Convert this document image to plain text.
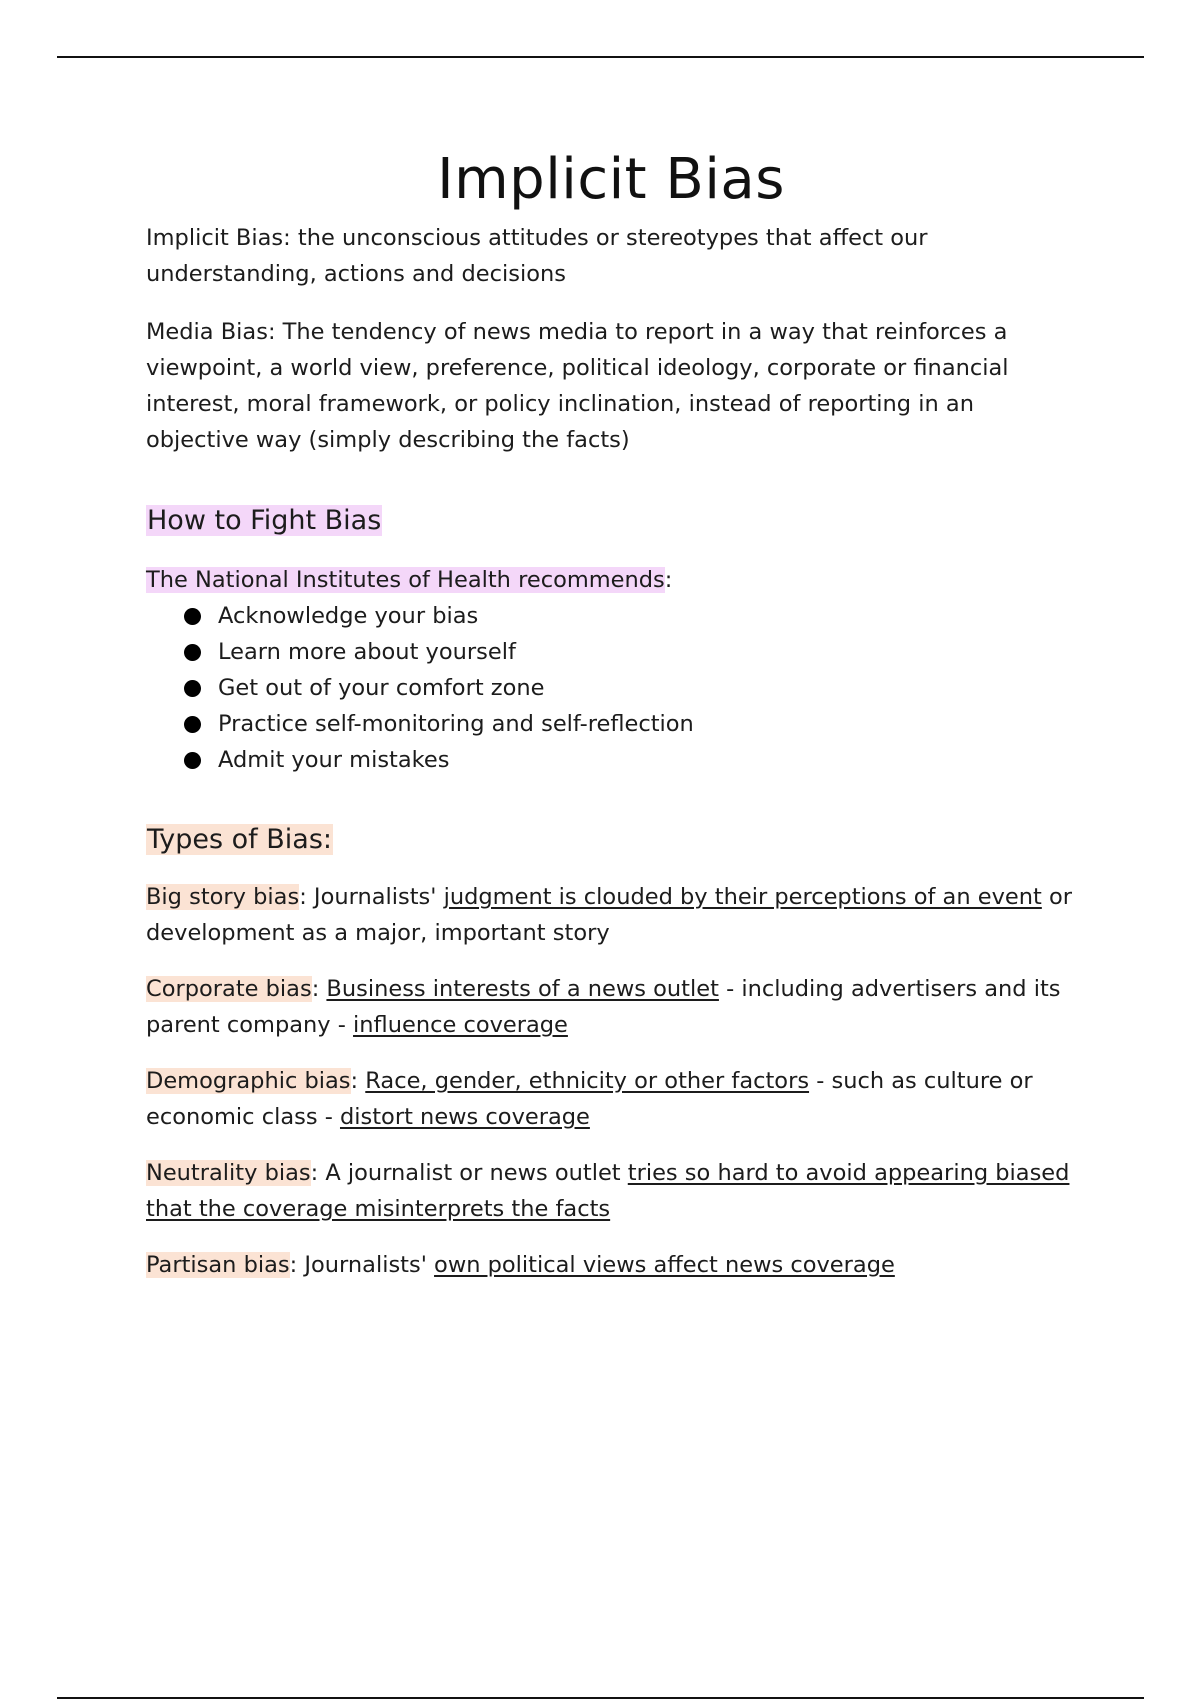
Implicit Bias

Implicit Bias: the unconscious attitudes or stereotypes that affect our understanding, actions and decisions

Media Bias: The tendency of news media to report in a way that reinforces a viewpoint, a world view, preference, political ideology, corporate or financial interest, moral framework, or policy inclination, instead of reporting in an objective way (simply describing the facts)

How to Fight Bias

The National Institutes of Health recommends:

Acknowledge your bias
Learn more about yourself
Get out of your comfort zone
Practice self-monitoring and self-reflection
Admit your mistakes
Types of Bias:

Big story bias: Journalists' judgment is clouded by their perceptions of an event or development as a major, important story

Corporate bias: Business interests of a news outlet - including advertisers and its parent company - influence coverage

Demographic bias: Race, gender, ethnicity or other factors - such as culture or economic class - distort news coverage

Neutrality bias: A journalist or news outlet tries so hard to avoid appearing biased that the coverage misinterprets the facts

Partisan bias: Journalists' own political views affect news coverage
